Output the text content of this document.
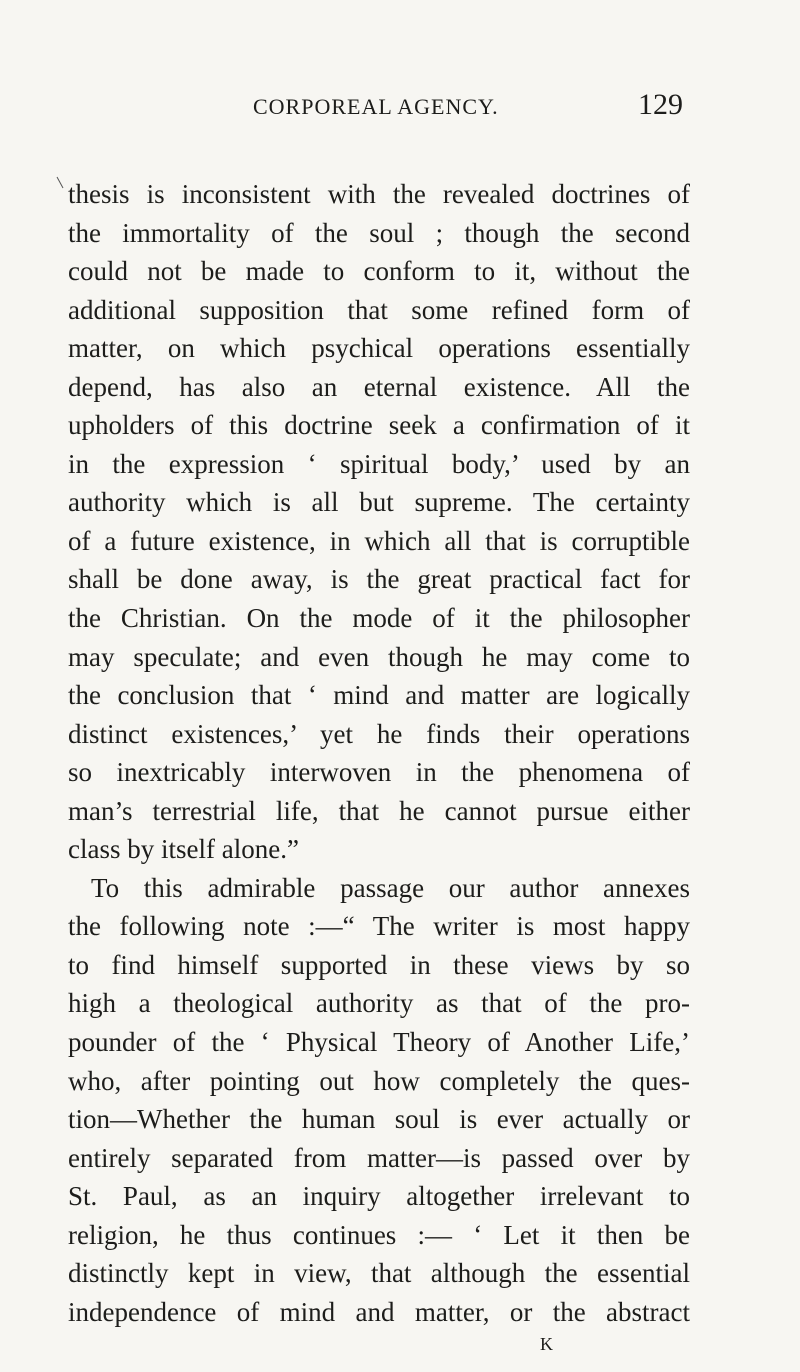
CORPOREAL AGENCY.	129
thesis is inconsistent with the revealed doctrines of
the immortality of the soul ; though the second
could not be made to conform to it, without the
additional supposition that some refined form of
matter, on which psychical operations essentially
depend, has also an eternal existence. All the
upholders of this doctrine seek a confirmation of it
in the expression ‘ spiritual body,’ used by an
authority which is all but supreme. The certainty
of a future existence, in which all that is corruptible
shall be done away, is the great practical fact for
the Christian. On the mode of it the philosopher
may speculate; and even though he may come to
the conclusion that ‘ mind and matter are logically
distinct existences,’ yet he finds their operations
so inextricably interwoven in the phenomena of
man’s terrestrial life, that he cannot pursue either
class by itself alone.”
To this admirable passage our author annexes
the following note :—“ The writer is most happy
to find himself supported in these views by so
high a theological authority as that of the pro-
pounder of the ‘ Physical Theory of Another Life,’
who, after pointing out how completely the ques-
tion—Whether the human soul is ever actually or
entirely separated from matter—is passed over by
St. Paul, as an inquiry altogether irrelevant to
religion, he thus continues :— ‘ Let it then be
distinctly kept in view, that although the essential
independence of mind and matter, or the abstract
K
